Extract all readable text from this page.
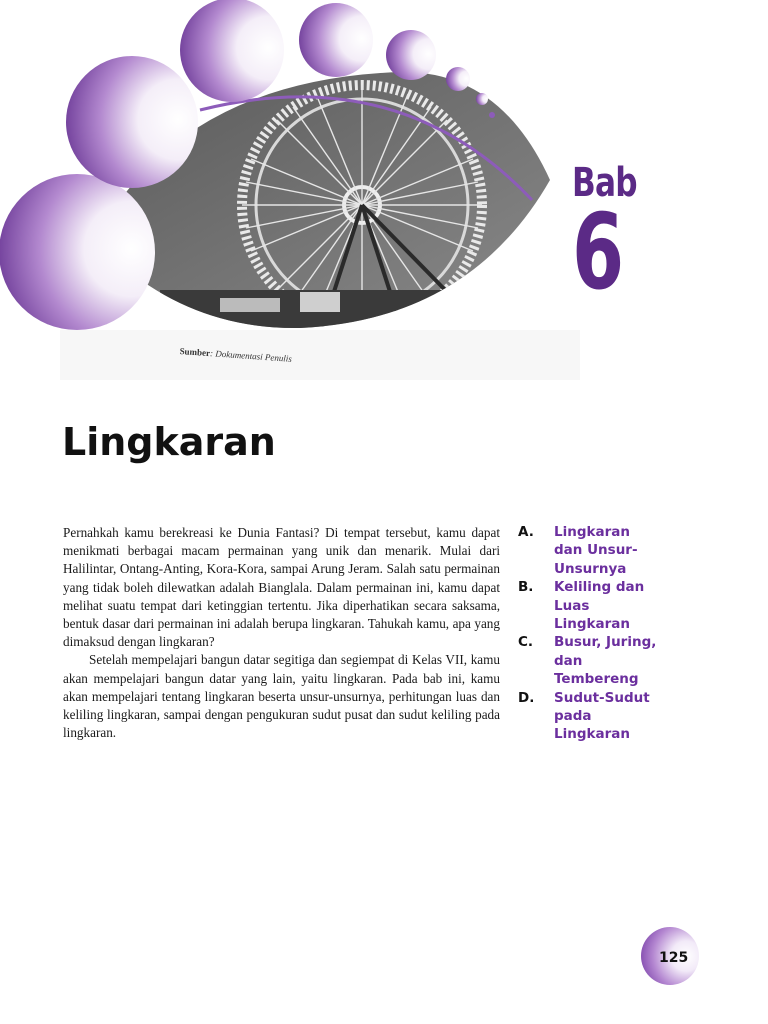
Sumber: Dokumentasi Penulis
Bab
6
Lingkaran

Pernahkah kamu berekreasi ke Dunia Fantasi? Di tempat tersebut, kamu dapat menikmati berbagai macam permainan yang unik dan menarik. Mulai dari Halilintar, Ontang-Anting, Kora-Kora, sampai Arung Jeram. Salah satu permainan yang tidak boleh dilewatkan adalah Bianglala. Dalam permainan ini, kamu dapat melihat suatu tempat dari ketinggian tertentu. Jika diperhatikan secara saksama, bentuk dasar dari permainan ini adalah berupa lingkaran. Tahukah kamu, apa yang dimaksud dengan lingkaran?

Setelah mempelajari bangun datar segitiga dan segiempat di Kelas VII, kamu akan mempelajari bangun datar yang lain, yaitu lingkaran. Pada bab ini, kamu akan mempelajari tentang lingkaran beserta unsur-unsurnya, perhitungan luas dan keliling lingkaran, sampai dengan pengukuran sudut pusat dan sudut keliling pada lingkaran.

A.	Lingkaran dan Unsur-Unsurnya
B.	Keliling dan Luas Lingkaran
C.	Busur, Juring, dan Tembereng
D.	Sudut-Sudut pada Lingkaran
125
